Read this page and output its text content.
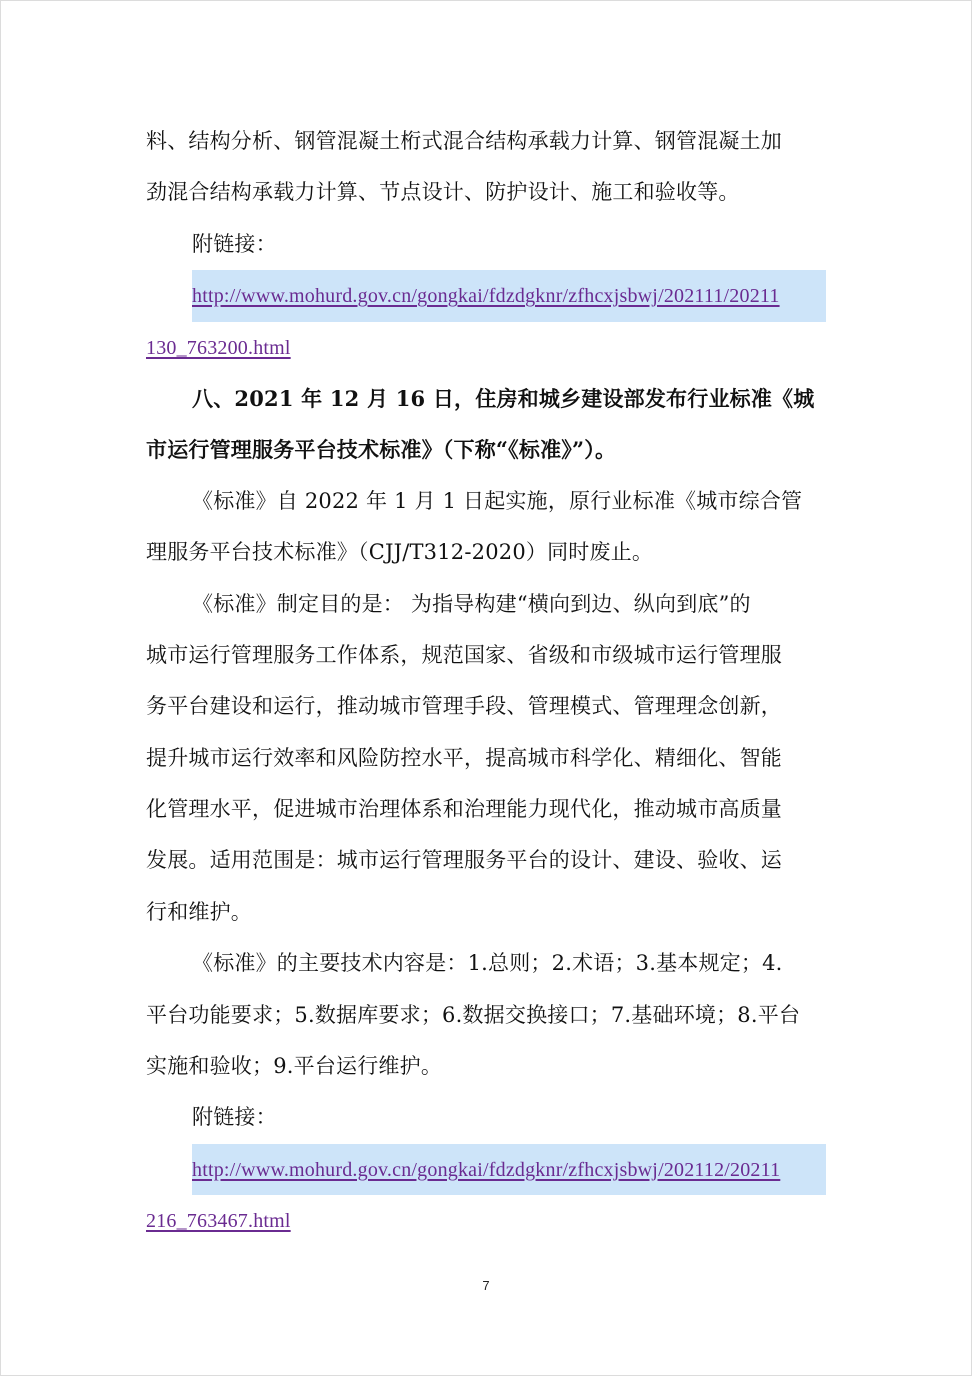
料、结构分析、钢管混凝土桁式混合结构承载力计算、钢管混凝土加
劲混合结构承载力计算、节点设计、防护设计、施工和验收等。
附链接：
http://www.mohurd.gov.cn/gongkai/fdzdgknr/zfhcxjsbwj/202111/20211
130_763200.html
八、2021 年 12 月 16 日，住房和城乡建设部发布行业标准《城
市运行管理服务平台技术标准》（下称“《标准》”）。
《标准》自 2022 年 1 月 1 日起实施，原行业标准《城市综合管
理服务平台技术标准》（CJJ/T312-2020）同时废止。
《标准》制定目的是： 为指导构建“横向到边、纵向到底”的
城市运行管理服务工作体系，规范国家、省级和市级城市运行管理服
务平台建设和运行，推动城市管理手段、管理模式、管理理念创新，
提升城市运行效率和风险防控水平，提高城市科学化、精细化、智能
化管理水平，促进城市治理体系和治理能力现代化，推动城市高质量
发展。适用范围是：城市运行管理服务平台的设计、建设、验收、运
行和维护。
《标准》的主要技术内容是：1.总则；2.术语；3.基本规定；4.
平台功能要求；5.数据库要求；6.数据交换接口；7.基础环境；8.平台
实施和验收；9.平台运行维护。
附链接：
http://www.mohurd.gov.cn/gongkai/fdzdgknr/zfhcxjsbwj/202112/20211
216_763467.html
7
